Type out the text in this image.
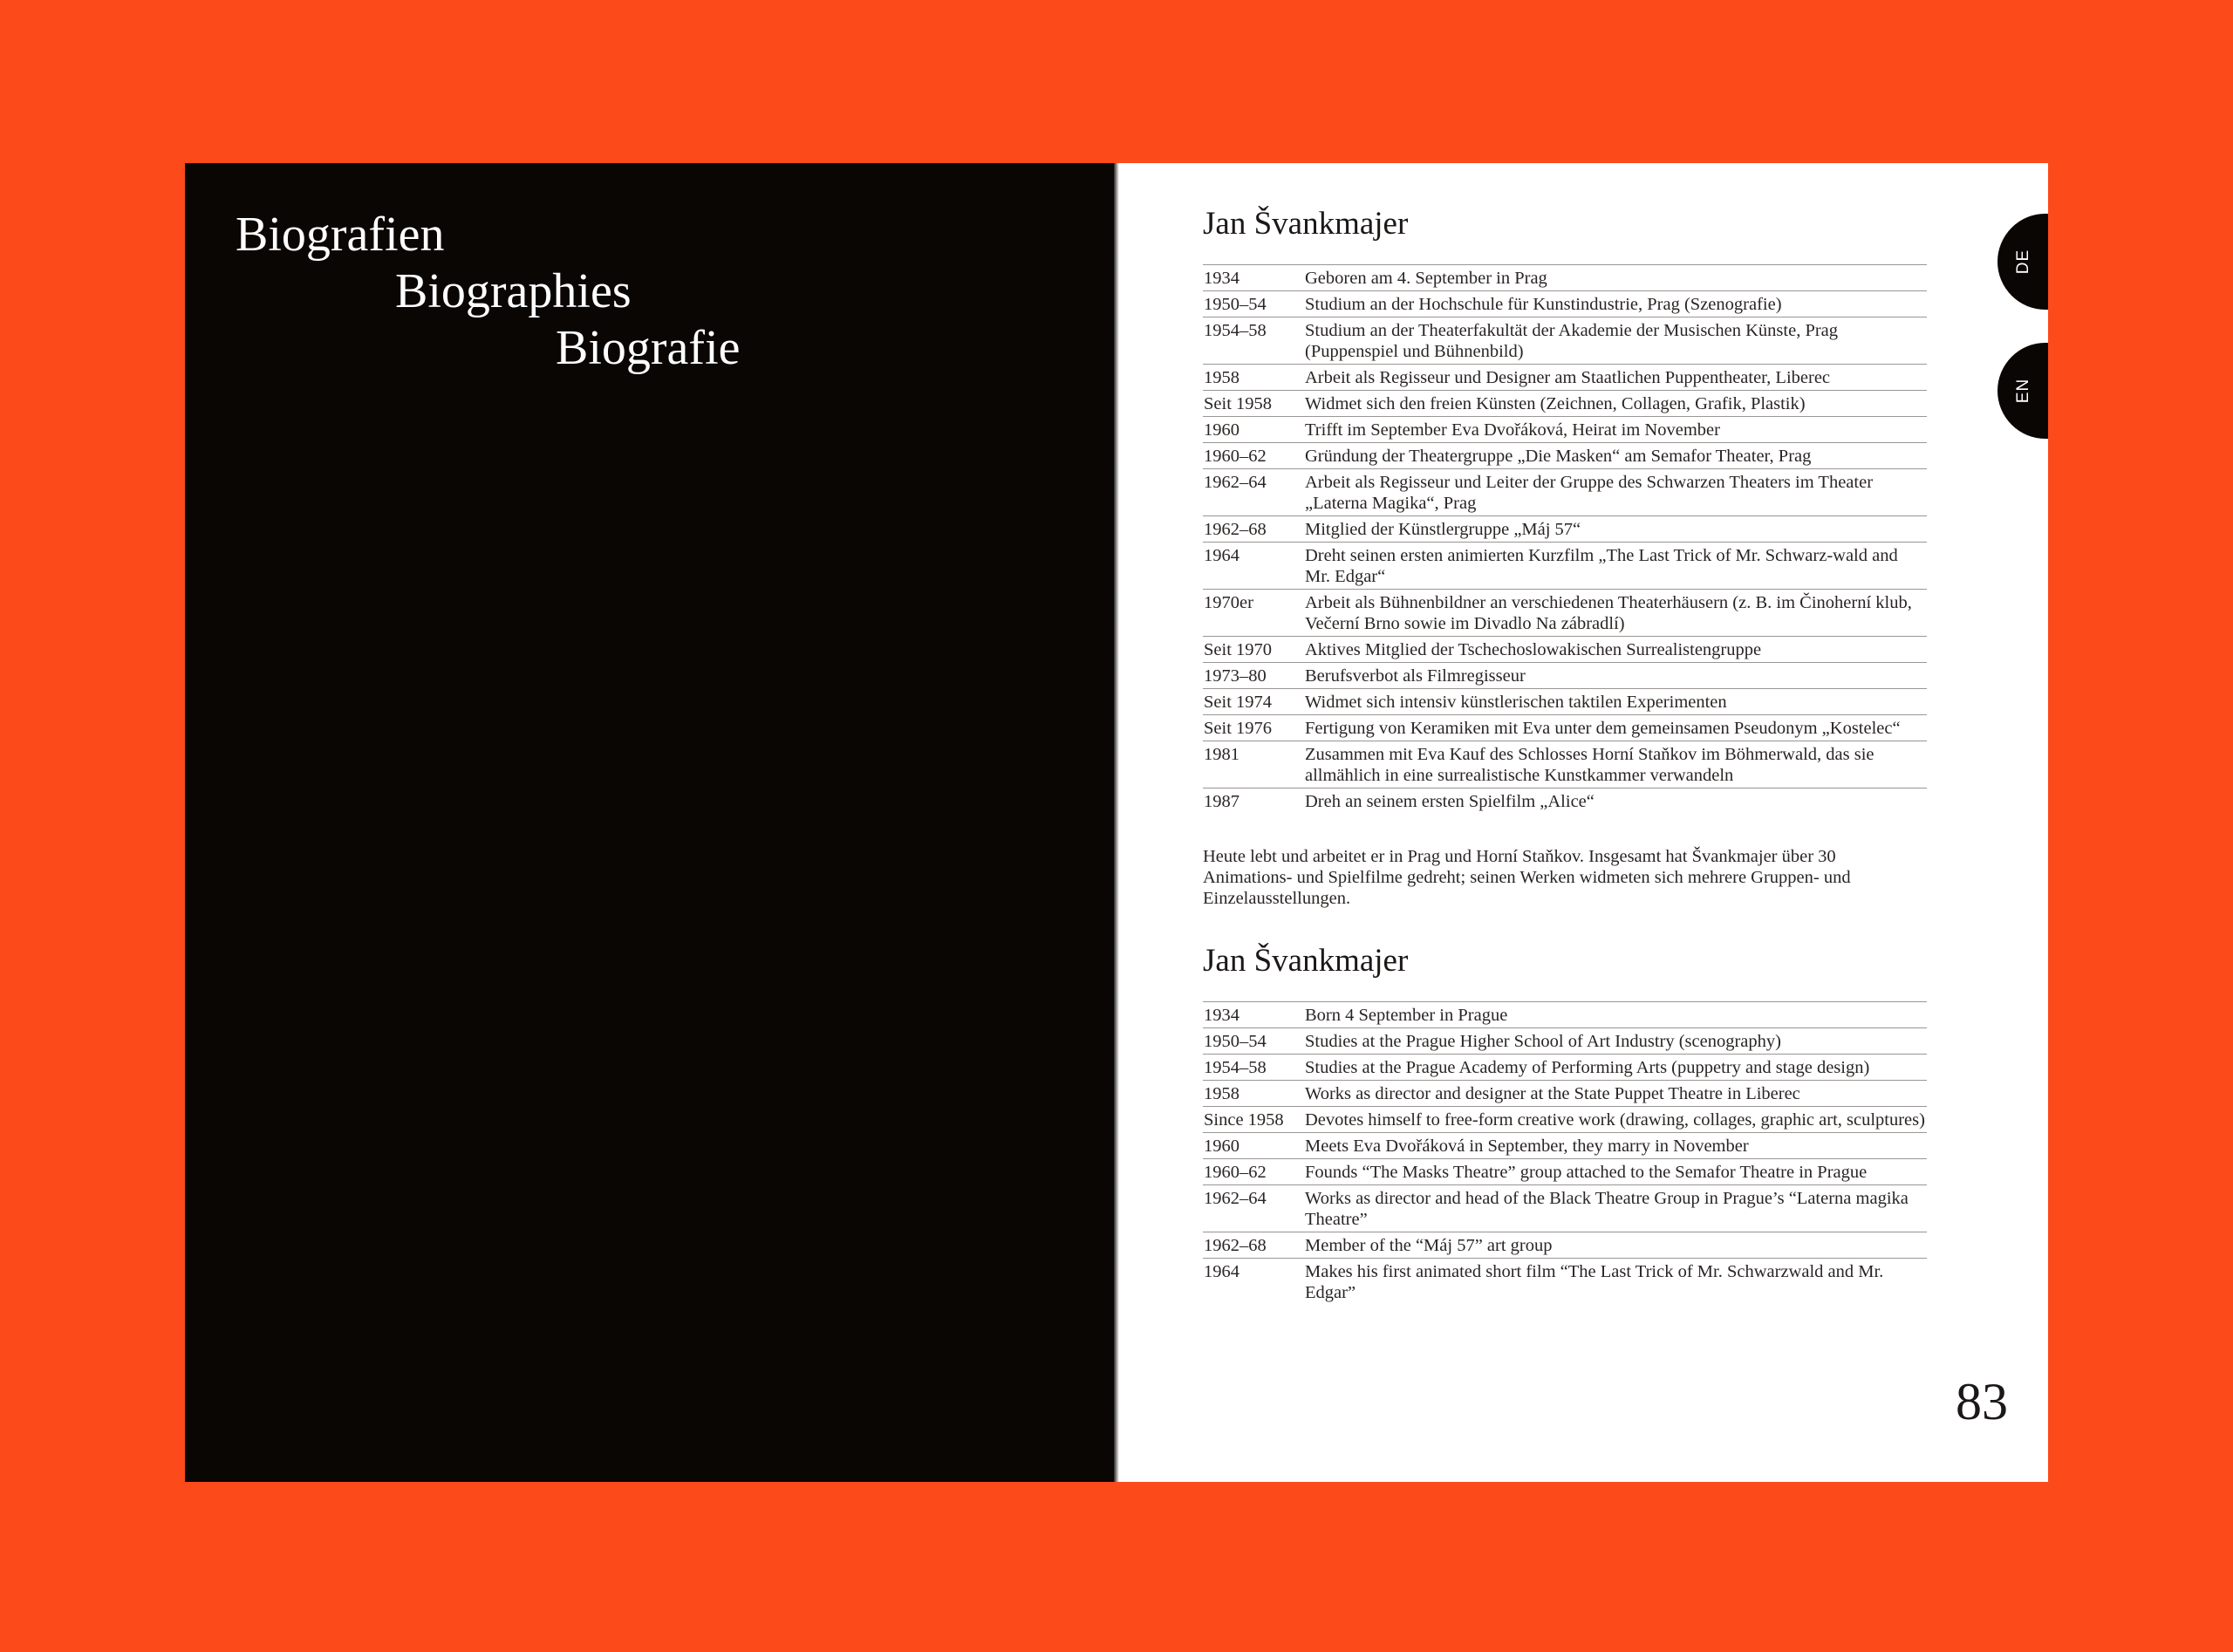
Biografien
Biographies
Biografie
DE
EN
Jan Švankmajer
1934	Geboren am 4. September in Prag
1950–54	Studium an der Hochschule für Kunstindustrie, Prag (Szenografie)
1954–58	Studium an der Theaterfakultät der Akademie der Musischen Künste, Prag (Puppenspiel und Bühnenbild)
1958	Arbeit als Regisseur und Designer am Staatlichen Puppentheater, Liberec
Seit 1958	Widmet sich den freien Künsten (Zeichnen, Collagen, Grafik, Plastik)
1960	Trifft im September Eva Dvořáková, Heirat im November
1960–62	Gründung der Theatergruppe „Die Masken“ am Semafor Theater, Prag
1962–64	Arbeit als Regisseur und Leiter der Gruppe des Schwarzen Theaters im Theater „Laterna Magika“, Prag
1962–68	Mitglied der Künstlergruppe „Máj 57“
1964	Dreht seinen ersten animierten Kurzfilm „The Last Trick of Mr. Schwarz-wald and Mr. Edgar“
1970er	Arbeit als Bühnenbildner an verschiedenen Theaterhäusern (z. B. im Činoherní klub, Večerní Brno sowie im Divadlo Na zábradlí)
Seit 1970	Aktives Mitglied der Tschechoslowakischen Surrealistengruppe
1973–80	Berufsverbot als Filmregisseur
Seit 1974	Widmet sich intensiv künstlerischen taktilen Experimenten
Seit 1976	Fertigung von Keramiken mit Eva unter dem gemeinsamen Pseudonym „Kostelec“
1981	Zusammen mit Eva Kauf des Schlosses Horní Staňkov im Böhmerwald, das sie allmählich in eine surrealistische Kunstkammer verwandeln
1987	Dreh an seinem ersten Spielfilm „Alice“

Heute lebt und arbeitet er in Prag und Horní Staňkov. Insgesamt hat Švankmajer über 30 Animations- und Spielfilme gedreht; seinen Werken widmeten sich mehrere Gruppen- und Einzelausstellungen.

Jan Švankmajer
1934	Born 4 September in Prague
1950–54	Studies at the Prague Higher School of Art Industry (scenography)
1954–58	Studies at the Prague Academy of Performing Arts (puppetry and stage design)
1958	Works as director and designer at the State Puppet Theatre in Liberec
Since 1958	Devotes himself to free-form creative work (drawing, collages, graphic art, sculptures)
1960	Meets Eva Dvořáková in September, they marry in November
1960–62	Founds “The Masks Theatre” group attached to the Semafor Theatre in Prague
1962–64	Works as director and head of the Black Theatre Group in Prague’s “Laterna magika Theatre”
1962–68	Member of the “Máj 57” art group
1964	Makes his first animated short film “The Last Trick of Mr. Schwarzwald and Mr. Edgar”
83
